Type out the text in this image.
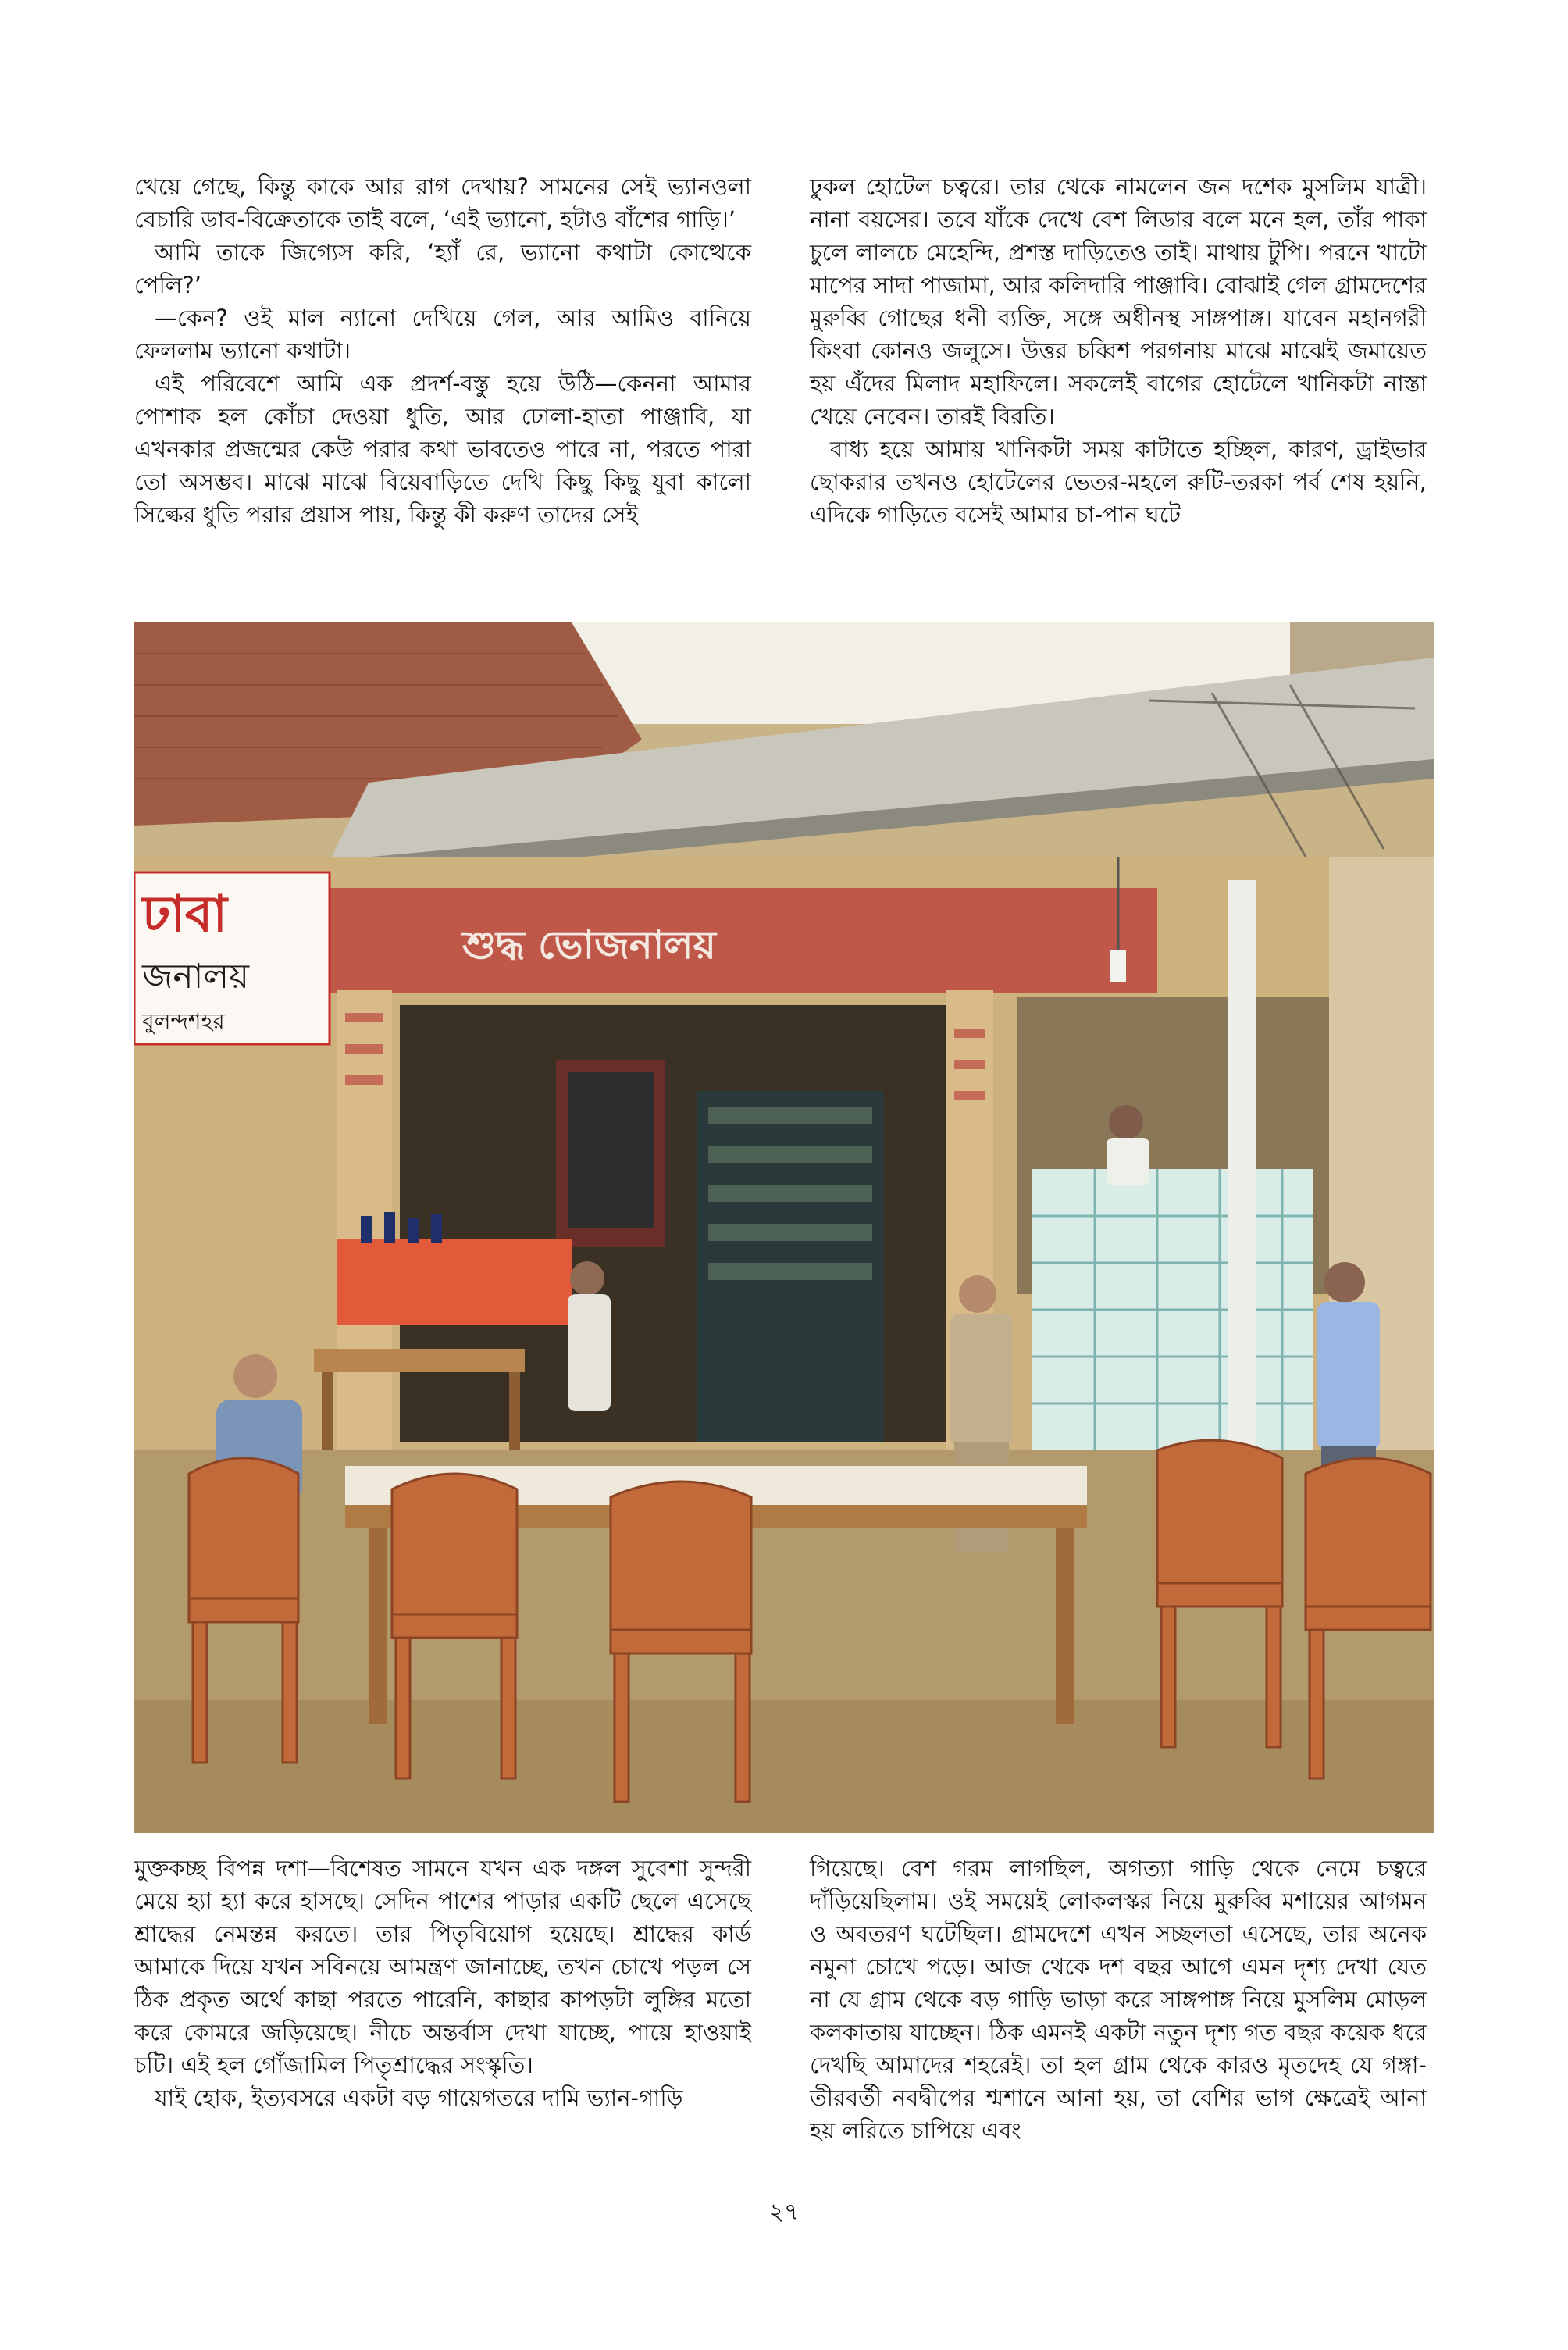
খেয়ে গেছে, কিন্তু কাকে আর রাগ দেখায়? সামনের সেই ভ্যানওলা বেচারি ডাব-বিক্রেতাকে তাই বলে, ‘এই ভ্যানো, হটাও বাঁশের গাড়ি।’

আমি তাকে জিগ্যেস করি, ‘হ্যাঁ রে, ভ্যানো কথাটা কোত্থেকে পেলি?’

—কেন? ওই মাল ন্যানো দেখিয়ে গেল, আর আমিও বানিয়ে ফেললাম ভ্যানো কথাটা।

এই পরিবেশে আমি এক প্রদর্শ-বস্তু হয়ে উঠি—কেননা আমার পোশাক হল কোঁচা দেওয়া ধুতি, আর ঢোলা-হাতা পাঞ্জাবি, যা এখনকার প্রজন্মের কেউ পরার কথা ভাবতেও পারে না, পরতে পারা তো অসম্ভব। মাঝে মাঝে বিয়েবাড়িতে দেখি কিছু কিছু যুবা কালো সিল্কের ধুতি পরার প্রয়াস পায়, কিন্তু কী করুণ তাদের সেই

ঢুকল হোটেল চত্বরে। তার থেকে নামলেন জন দশেক মুসলিম যাত্রী। নানা বয়সের। তবে যাঁকে দেখে বেশ লিডার বলে মনে হল, তাঁর পাকা চুলে লালচে মেহেন্দি, প্রশস্ত দাড়িতেও তাই। মাথায় টুপি। পরনে খাটো মাপের সাদা পাজামা, আর কলিদারি পাঞ্জাবি। বোঝাই গেল গ্রামদেশের মুরুব্বি গোছের ধনী ব্যক্তি, সঙ্গে অধীনস্থ সাঙ্গপাঙ্গ। যাবেন মহানগরী কিংবা কোনও জলুসে। উত্তর চব্বিশ পরগনায় মাঝে মাঝেই জমায়েত হয় এঁদের মিলাদ মহাফিলে। সকলেই বাগের হোটেলে খানিকটা নাস্তা খেয়ে নেবেন। তারই বিরতি।

বাধ্য হয়ে আমায় খানিকটা সময় কাটাতে হচ্ছিল, কারণ, ড্রাইভার ছোকরার তখনও হোটেলের ভেতর-মহলে রুটি-তরকা পর্ব শেষ হয়নি, এদিকে গাড়িতে বসেই আমার চা-পান ঘটে

শুদ্ধ ভোজনালয়
ঢাবা
জনালয়
বুলন্দশহর

মুক্তকচ্ছ বিপন্ন দশা—বিশেষত সামনে যখন এক দঙ্গল সুবেশা সুন্দরী মেয়ে হ্যা হ্যা করে হাসছে। সেদিন পাশের পাড়ার একটি ছেলে এসেছে শ্রাদ্ধের নেমন্তন্ন করতে। তার পিতৃবিয়োগ হয়েছে। শ্রাদ্ধের কার্ড আমাকে দিয়ে যখন সবিনয়ে আমন্ত্রণ জানাচ্ছে, তখন চোখে পড়ল সে ঠিক প্রকৃত অর্থে কাছা পরতে পারেনি, কাছার কাপড়টা লুঙ্গির মতো করে কোমরে জড়িয়েছে। নীচে অন্তর্বাস দেখা যাচ্ছে, পায়ে হাওয়াই চটি। এই হল গোঁজামিল পিতৃশ্রাদ্ধের সংস্কৃতি।

যাই হোক, ইত্যবসরে একটা বড় গায়েগতরে দামি ভ্যান-গাড়ি

গিয়েছে। বেশ গরম লাগছিল, অগত্যা গাড়ি থেকে নেমে চত্বরে দাঁড়িয়েছিলাম। ওই সময়েই লোকলস্কর নিয়ে মুরুব্বি মশায়ের আগমন ও অবতরণ ঘটেছিল। গ্রামদেশে এখন সচ্ছলতা এসেছে, তার অনেক নমুনা চোখে পড়ে। আজ থেকে দশ বছর আগে এমন দৃশ্য দেখা যেত না যে গ্রাম থেকে বড় গাড়ি ভাড়া করে সাঙ্গপাঙ্গ নিয়ে মুসলিম মোড়ল কলকাতায় যাচ্ছেন। ঠিক এমনই একটা নতুন দৃশ্য গত বছর কয়েক ধরে দেখছি আমাদের শহরেই। তা হল গ্রাম থেকে কারও মৃতদেহ যে গঙ্গা-তীরবর্তী নবদ্বীপের শ্মশানে আনা হয়, তা বেশির ভাগ ক্ষেত্রেই আনা হয় লরিতে চাপিয়ে এবং

২৭
